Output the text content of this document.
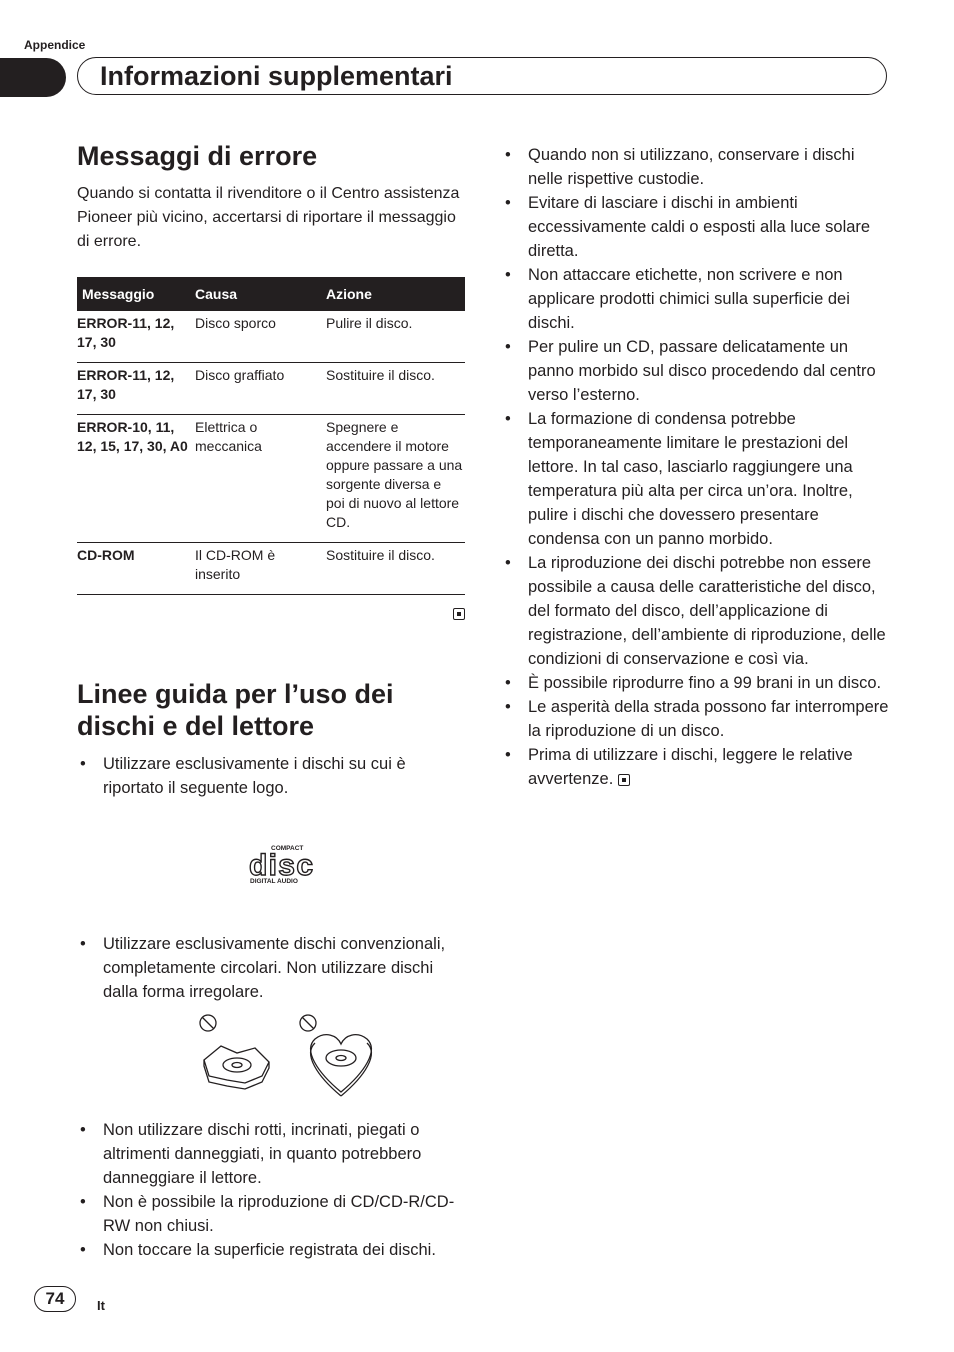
Appendice
Informazioni supplementari
Messaggi di errore

Quando si contatta il rivenditore o il Centro assistenza Pioneer più vicino, accertarsi di riportare il messaggio di errore.

Messaggio	Causa	Azione
ERROR-11, 12, 17, 30	Disco sporco	Pulire il disco.
ERROR-11, 12, 17, 30	Disco graffiato	Sostituire il disco.
ERROR-10, 11, 12, 15, 17, 30, A0	Elettrica o meccanica	Spegnere e accendere il motore oppure passare a una sorgente diversa e poi di nuovo al lettore CD.
CD-ROM	Il CD-ROM è inserito	Sostituire il disco.
Linee guida per l’uso dei dischi e del lettore
• Utilizzare esclusivamente i dischi su cui è riportato il seguente logo.
COMPACT
disc
DIGITAL AUDIO
• Utilizzare esclusivamente dischi convenzionali, completamente circolari. Non utilizzare dischi dalla forma irregolare.
• Non utilizzare dischi rotti, incrinati, piegati o altrimenti danneggiati, in quanto potrebbero danneggiare il lettore.
• Non è possibile la riproduzione di CD/CD-R/CD-RW non chiusi.
• Non toccare la superficie registrata dei dischi.
• Quando non si utilizzano, conservare i dischi nelle rispettive custodie.
• Evitare di lasciare i dischi in ambienti eccessivamente caldi o esposti alla luce solare diretta.
• Non attaccare etichette, non scrivere e non applicare prodotti chimici sulla superficie dei dischi.
• Per pulire un CD, passare delicatamente un panno morbido sul disco procedendo dal centro verso l’esterno.
• La formazione di condensa potrebbe temporaneamente limitare le prestazioni del lettore. In tal caso, lasciarlo raggiungere una temperatura più alta per circa un’ora. Inoltre, pulire i dischi che dovessero presentare condensa con un panno morbido.
• La riproduzione dei dischi potrebbe non essere possibile a causa delle caratteristiche del disco, del formato del disco, dell’applicazione di registrazione, dell’ambiente di riproduzione, delle condizioni di conservazione e così via.
• È possibile riprodurre fino a 99 brani in un disco.
• Le asperità della strada possono far interrompere la riproduzione di un disco.
• Prima di utilizzare i dischi, leggere le relative avvertenze.
74	It
